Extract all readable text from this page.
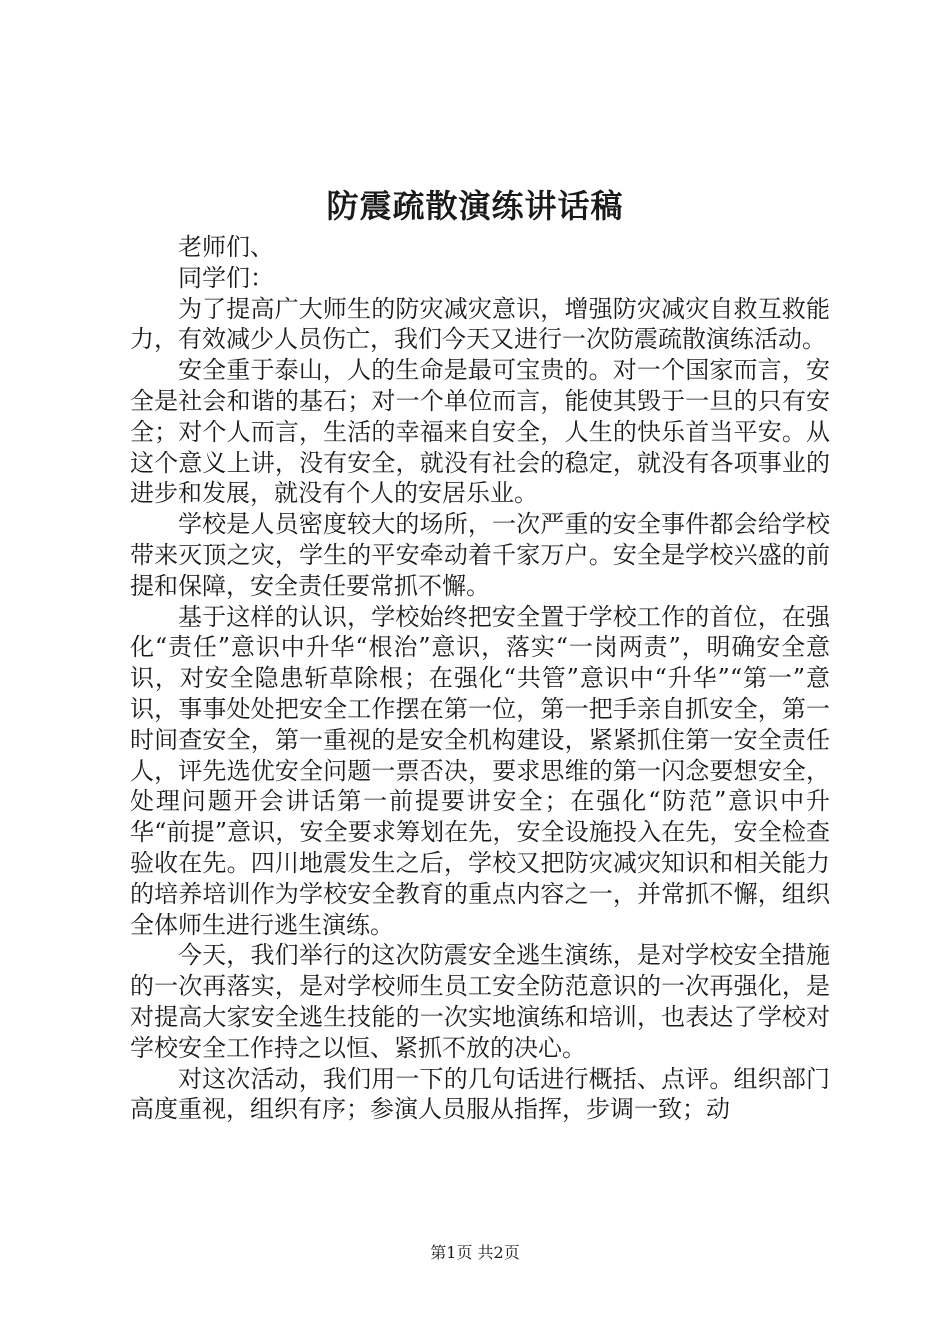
防震疏散演练讲话稿

老师们、

同学们：

为了提高广大师生的防灾减灾意识，增强防灾减灾自救互救能力，有效减少人员伤亡，我们今天又进行一次防震疏散演练活动。

安全重于泰山，人的生命是最可宝贵的。对一个国家而言，安全是社会和谐的基石；对一个单位而言，能使其毁于一旦的只有安全；对个人而言，生活的幸福来自安全，人生的快乐首当平安。从这个意义上讲，没有安全，就没有社会的稳定，就没有各项事业的进步和发展，就没有个人的安居乐业。

学校是人员密度较大的场所，一次严重的安全事件都会给学校带来灭顶之灾，学生的平安牵动着千家万户。安全是学校兴盛的前提和保障，安全责任要常抓不懈。

基于这样的认识，学校始终把安全置于学校工作的首位，在强化“责任”意识中升华“根治”意识，落实“一岗两责”，明确安全意识，对安全隐患斩草除根；在强化“共管”意识中“升华”“第一”意识，事事处处把安全工作摆在第一位，第一把手亲自抓安全，第一时间查安全，第一重视的是安全机构建设，紧紧抓住第一安全责任人，评先选优安全问题一票否决，要求思维的第一闪念要想安全，处理问题开会讲话第一前提要讲安全；在强化“防范”意识中升华“前提”意识，安全要求筹划在先，安全设施投入在先，安全检查验收在先。四川地震发生之后，学校又把防灾减灾知识和相关能力的培养培训作为学校安全教育的重点内容之一，并常抓不懈，组织全体师生进行逃生演练。

今天，我们举行的这次防震安全逃生演练，是对学校安全措施的一次再落实，是对学校师生员工安全防范意识的一次再强化，是对提高大家安全逃生技能的一次实地演练和培训，也表达了学校对学校安全工作持之以恒、紧抓不放的决心。

对这次活动，我们用一下的几句话进行概括、点评。组织部门高度重视，组织有序；参演人员服从指挥，步调一致；动

第1页 共2页
